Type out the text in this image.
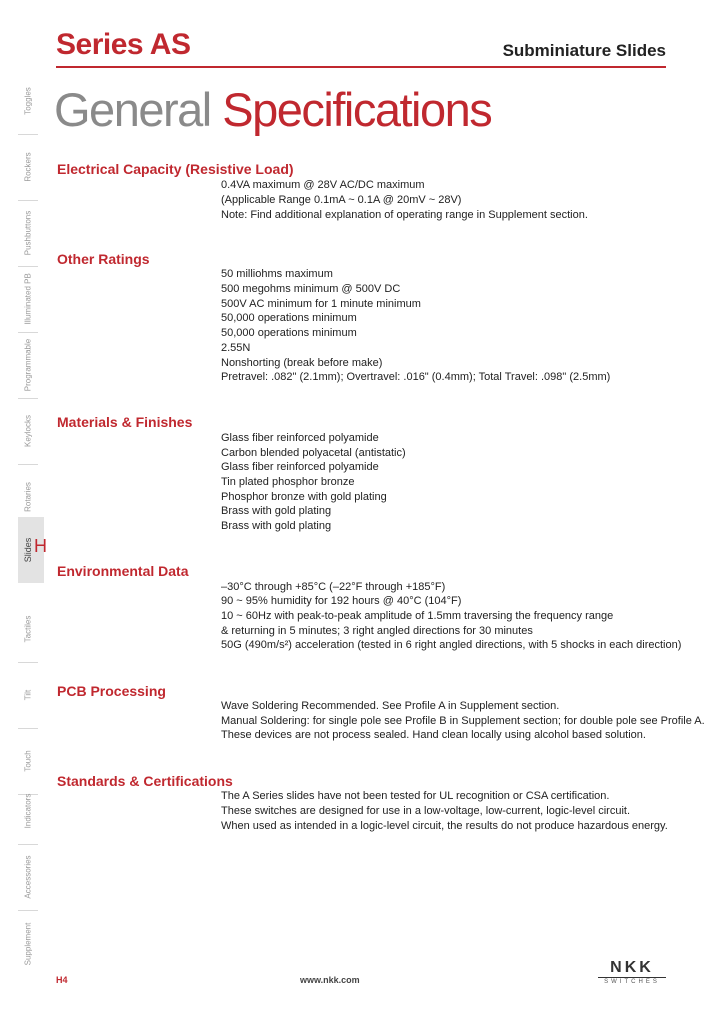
Series AS	Subminiature Slides
General Specifications
Toggles
Rockers
Pushbuttons
Illuminated PB
Programmable
Keylocks
Rotaries
Slides
Tactiles
Tilt
Touch
Indicators
Accessories
Supplement
H
Electrical Capacity (Resistive Load)
0.4VA maximum @ 28V AC/DC maximum
(Applicable Range 0.1mA ~ 0.1A @ 20mV ~ 28V)
Note: Find additional explanation of operating range in Supplement section.
Other Ratings
50 milliohms maximum
500 megohms minimum @ 500V DC
500V AC minimum for 1 minute minimum
50,000 operations minimum
50,000 operations minimum
2.55N
Nonshorting (break before make)
Pretravel: .082" (2.1mm); Overtravel: .016" (0.4mm); Total Travel: .098" (2.5mm)
Materials & Finishes
Glass fiber reinforced polyamide
Carbon blended polyacetal (antistatic)
Glass fiber reinforced polyamide
Tin plated phosphor bronze
Phosphor bronze with gold plating
Brass with gold plating
Brass with gold plating
Environmental Data
–30°C through +85°C (–22°F through +185°F)
90 ~ 95% humidity for 192 hours @ 40°C (104°F)
10 ~ 60Hz with peak-to-peak amplitude of 1.5mm traversing the frequency range
& returning in 5 minutes; 3 right angled directions for 30 minutes
50G (490m/s²) acceleration (tested in 6 right angled directions, with 5 shocks in each direction)
PCB Processing
Wave Soldering Recommended. See Profile A in Supplement section.
Manual Soldering: for single pole see Profile B in Supplement section; for double pole see Profile A.
These devices are not process sealed. Hand clean locally using alcohol based solution.
Standards & Certifications
The A Series slides have not been tested for UL recognition or CSA certification.
These switches are designed for use in a low-voltage, low-current, logic-level circuit.
When used as intended in a logic-level circuit, the results do not produce hazardous energy.
H4	www.nkk.com
NKK
SWITCHES
